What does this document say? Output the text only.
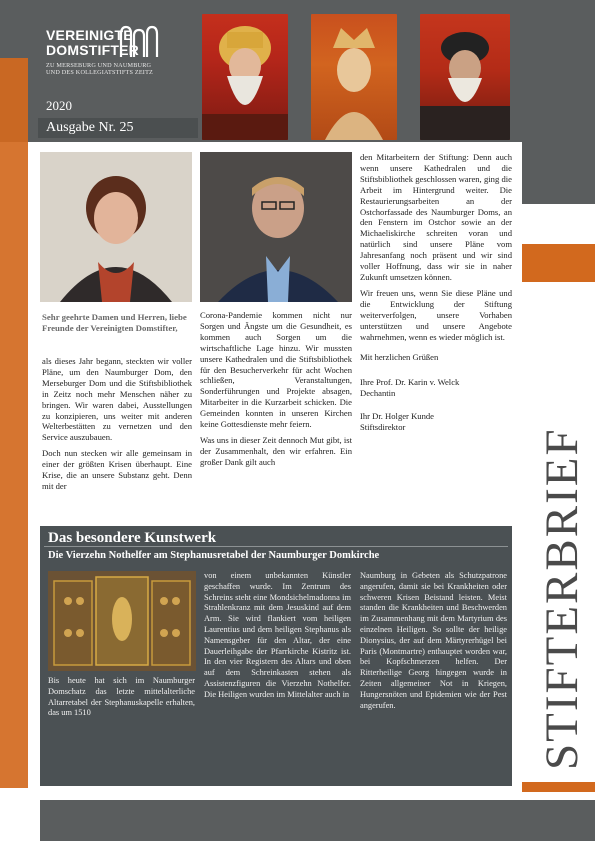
VEREINIGTE
DOMSTIFTER
ZU MERSEBURG UND NAUMBURG
UND DES KOLLEGIATSTIFTS ZEITZ
2020
Ausgabe Nr. 25
STIFTERBRIEF
Sehr geehrte Damen und Herren, liebe Freunde der Vereinigten Domstifter,

als dieses Jahr begann, steckten wir voller Pläne, um den Naumburger Dom, den Merseburger Dom und die Stiftsbibliothek in Zeitz noch mehr Menschen näher zu bringen. Wir waren dabei, Ausstellungen zu konzipieren, uns weiter mit anderen Welterbestätten zu vernetzen und den Service auszubauen.

Doch nun stecken wir alle gemeinsam in einer der größten Krisen überhaupt. Eine Krise, die an unsere Substanz geht. Denn mit der

Corona-Pandemie kommen nicht nur Sorgen und Ängste um die Gesundheit, es kommen auch Sorgen um die wirtschaftliche Lage hinzu. Wir mussten unsere Kathedralen und die Stiftsbibliothek für den Besucherverkehr für acht Wochen schließen, Veranstaltungen, Sonderführungen und Projekte absagen, Mitarbeiter in die Kurzarbeit schicken. Die Gemeinden konnten in unseren Kirchen keine Gottesdienste mehr feiern.

Was uns in dieser Zeit dennoch Mut gibt, ist der Zusammenhalt, den wir erfahren. Ein großer Dank gilt auch

den Mitarbeitern der Stiftung: Denn auch wenn unsere Kathedralen und die Stiftsbibliothek geschlossen waren, ging die Arbeit im Hintergrund weiter. Die Restaurierungsarbeiten an der Ostchorfassade des Naumburger Doms, an den Fenstern im Ostchor sowie an der Michaeliskirche schreiten voran und natürlich sind unsere Pläne vom Jahresanfang noch präsent und wir sind voller Hoffnung, dass wir sie in naher Zukunft umsetzen können.

Wir freuen uns, wenn Sie diese Pläne und die Entwicklung der Stiftung weiterverfolgen, unsere Vorhaben unterstützen und unsere Angebote wahrnehmen, wenn es wieder möglich ist.

Mit herzlichen Grüßen

Ihre Prof. Dr. Karin v. Welck
Dechantin
Ihr Dr. Holger Kunde
Stiftsdirektor
Das besondere Kunstwerk
Die Vierzehn Nothelfer am Stephanusretabel der Naumburger Domkirche
Bis heute hat sich im Naumburger Domschatz das letzte mittelalterliche Altarretabel der Stephanuskapelle erhalten, das um 1510
von einem unbekannten Künstler geschaffen wurde. Im Zentrum des Schreins steht eine Mondsichelmadonna im Strahlenkranz mit dem Jesuskind auf dem Arm. Sie wird flankiert vom heiligen Laurentius und dem heiligen Stephanus als Namensgeber für den Altar, der eine Dauerleihgabe der Pfarrkirche Kistritz ist. In den vier Registern des Altars und oben auf dem Schreinkasten stehen als Assistenzfiguren die Vierzehn Nothelfer. Die Heiligen wurden im Mittelalter auch in
Naumburg in Gebeten als Schutzpatrone angerufen, damit sie bei Krankheiten oder schweren Krisen Beistand leisten. Meist standen die Krankheiten und Beschwerden im Zusammenhang mit dem Martyrium des einzelnen Heiligen. So sollte der heilige Dionysius, der auf dem Märtyrerhügel bei Paris (Montmartre) enthauptet worden war, bei Kopfschmerzen helfen. Der Ritterheilige Georg hingegen wurde in Zeiten allgemeiner Not in Kriegen, Hungersnöten und Epidemien wie der Pest angerufen.
